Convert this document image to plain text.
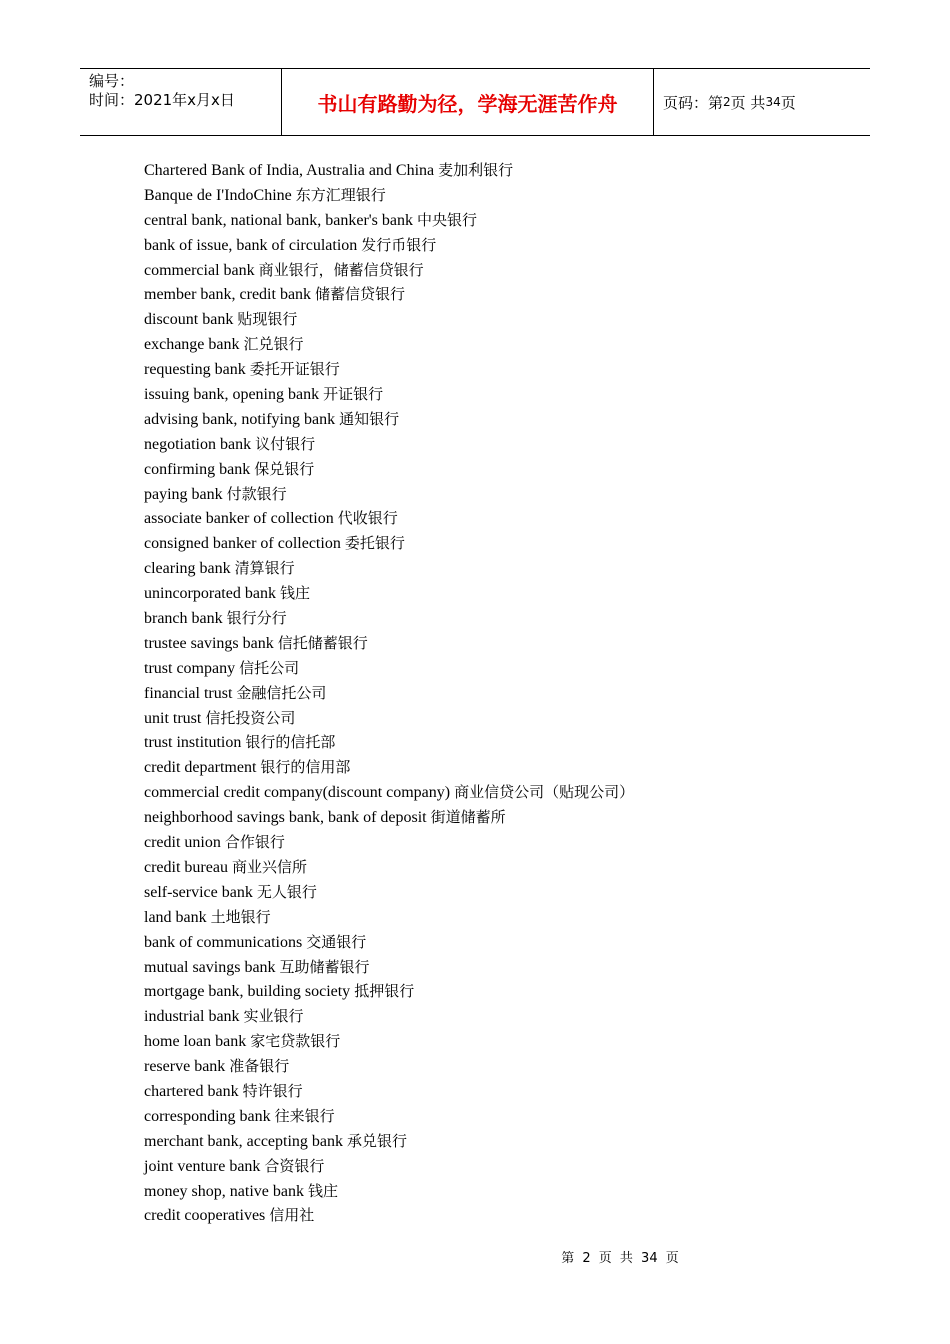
编号：
时间：2021年x月x日	书山有路勤为径，学海无涯苦作舟	页码：第 2 页 共 34 页
Chartered Bank of India, Australia and China 麦加利银行
Banque de I'IndoChine 东方汇理银行
central bank, national bank, banker's bank 中央银行
bank of issue, bank of circulation 发行币银行
commercial bank 商业银行，储蓄信贷银行
member bank, credit bank 储蓄信贷银行
discount bank 贴现银行
exchange bank 汇兑银行
requesting bank 委托开证银行
issuing bank, opening bank 开证银行
advising bank, notifying bank 通知银行
negotiation bank 议付银行
confirming bank 保兑银行
paying bank 付款银行
associate banker of collection 代收银行
consigned banker of collection 委托银行
clearing bank 清算银行
unincorporated bank 钱庄
branch bank 银行分行
trustee savings bank 信托储蓄银行
trust company 信托公司
financial trust 金融信托公司
unit trust 信托投资公司
trust institution 银行的信托部
credit department 银行的信用部
commercial credit company(discount company) 商业信贷公司（贴现公司）
neighborhood savings bank, bank of deposit 街道储蓄所
credit union 合作银行
credit bureau 商业兴信所
self-service bank 无人银行
land bank 土地银行
bank of communications 交通银行
mutual savings bank 互助储蓄银行
mortgage bank, building society 抵押银行
industrial bank 实业银行
home loan bank 家宅贷款银行
reserve bank 准备银行
chartered bank 特许银行
corresponding bank 往来银行
merchant bank, accepting bank 承兑银行
joint venture bank 合资银行
money shop, native bank 钱庄
credit cooperatives 信用社
第 2 页 共 34 页
